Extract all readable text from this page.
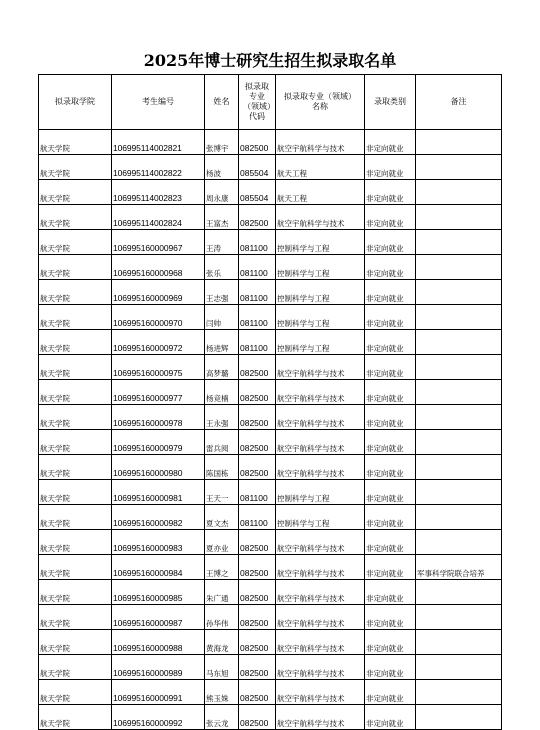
2025年博士研究生招生拟录取名单
拟录取学院	考生编号	姓名	拟录取专业（领域）代码	拟录取专业（领域）名称	录取类别	备注
航天学院	106995114002821	张博宇	082500	航空宇航科学与技术	非定向就业	
航天学院	106995114002822	杨波	085504	航天工程	非定向就业	
航天学院	106995114002823	周永康	085504	航天工程	非定向就业	
航天学院	106995114002824	王富杰	082500	航空宇航科学与技术	非定向就业	
航天学院	106995160000967	王涛	081100	控制科学与工程	非定向就业	
航天学院	106995160000968	张乐	081100	控制科学与工程	非定向就业	
航天学院	106995160000969	王志强	081100	控制科学与工程	非定向就业	
航天学院	106995160000970	闫帅	081100	控制科学与工程	非定向就业	
航天学院	106995160000972	杨进辉	081100	控制科学与工程	非定向就业	
航天学院	106995160000975	高梦璐	082500	航空宇航科学与技术	非定向就业	
航天学院	106995160000977	杨竞楠	082500	航空宇航科学与技术	非定向就业	
航天学院	106995160000978	王永强	082500	航空宇航科学与技术	非定向就业	
航天学院	106995160000979	雷兵阅	082500	航空宇航科学与技术	非定向就业	
航天学院	106995160000980	陈国栋	082500	航空宇航科学与技术	非定向就业	
航天学院	106995160000981	王天一	081100	控制科学与工程	非定向就业	
航天学院	106995160000982	夏文杰	081100	控制科学与工程	非定向就业	
航天学院	106995160000983	夏亦业	082500	航空宇航科学与技术	非定向就业	
航天学院	106995160000984	王博之	082500	航空宇航科学与技术	非定向就业	军事科学院联合培养
航天学院	106995160000985	朱广通	082500	航空宇航科学与技术	非定向就业	
航天学院	106995160000987	孙华伟	082500	航空宇航科学与技术	非定向就业	
航天学院	106995160000988	黄海龙	082500	航空宇航科学与技术	非定向就业	
航天学院	106995160000989	马东旭	082500	航空宇航科学与技术	非定向就业	
航天学院	106995160000991	熊玉姝	082500	航空宇航科学与技术	非定向就业	
航天学院	106995160000992	张云龙	082500	航空宇航科学与技术	非定向就业	
